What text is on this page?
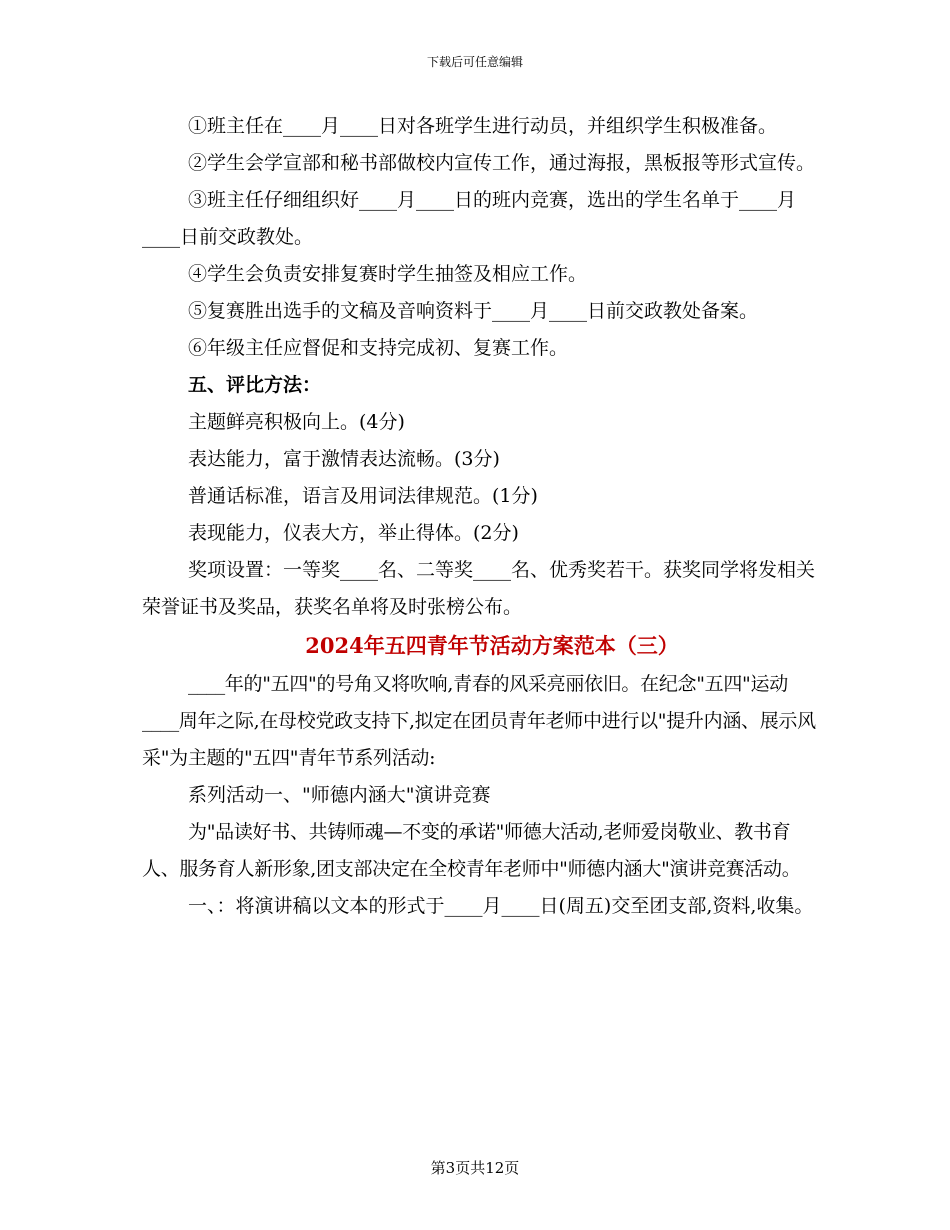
下载后可任意编辑

①班主任在____月____日对各班学生进行动员，并组织学生积极准备。

②学生会学宣部和秘书部做校内宣传工作，通过海报，黑板报等形式宣传。

③班主任仔细组织好____月____日的班内竞赛，选出的学生名单于____月____日前交政教处。

④学生会负责安排复赛时学生抽签及相应工作。

⑤复赛胜出选手的文稿及音响资料于____月____日前交政教处备案。

⑥年级主任应督促和支持完成初、复赛工作。

五、评比方法：

主题鲜亮积极向上。(4分)

表达能力，富于激情表达流畅。(3分)

普通话标准，语言及用词法律规范。(1分)

表现能力，仪表大方，举止得体。(2分)

奖项设置：一等奖____名、二等奖____名、优秀奖若干。获奖同学将发相关荣誉证书及奖品，获奖名单将及时张榜公布。

2024年五四青年节活动方案范本（三）

____年的"五四"的号角又将吹响,青春的风采亮丽依旧。在纪念"五四"运动____周年之际,在母校党政支持下,拟定在团员青年老师中进行以"提升内涵、展示风采"为主题的"五四"青年节系列活动:

系列活动一、"师德内涵大"演讲竞赛

为"品读好书、共铸师魂—不变的承诺"师德大活动,老师爱岗敬业、教书育人、服务育人新形象,团支部决定在全校青年老师中"师德内涵大"演讲竞赛活动。

一、：将演讲稿以文本的形式于____月____日(周五)交至团支部,资料,收集。

第3页共12页
